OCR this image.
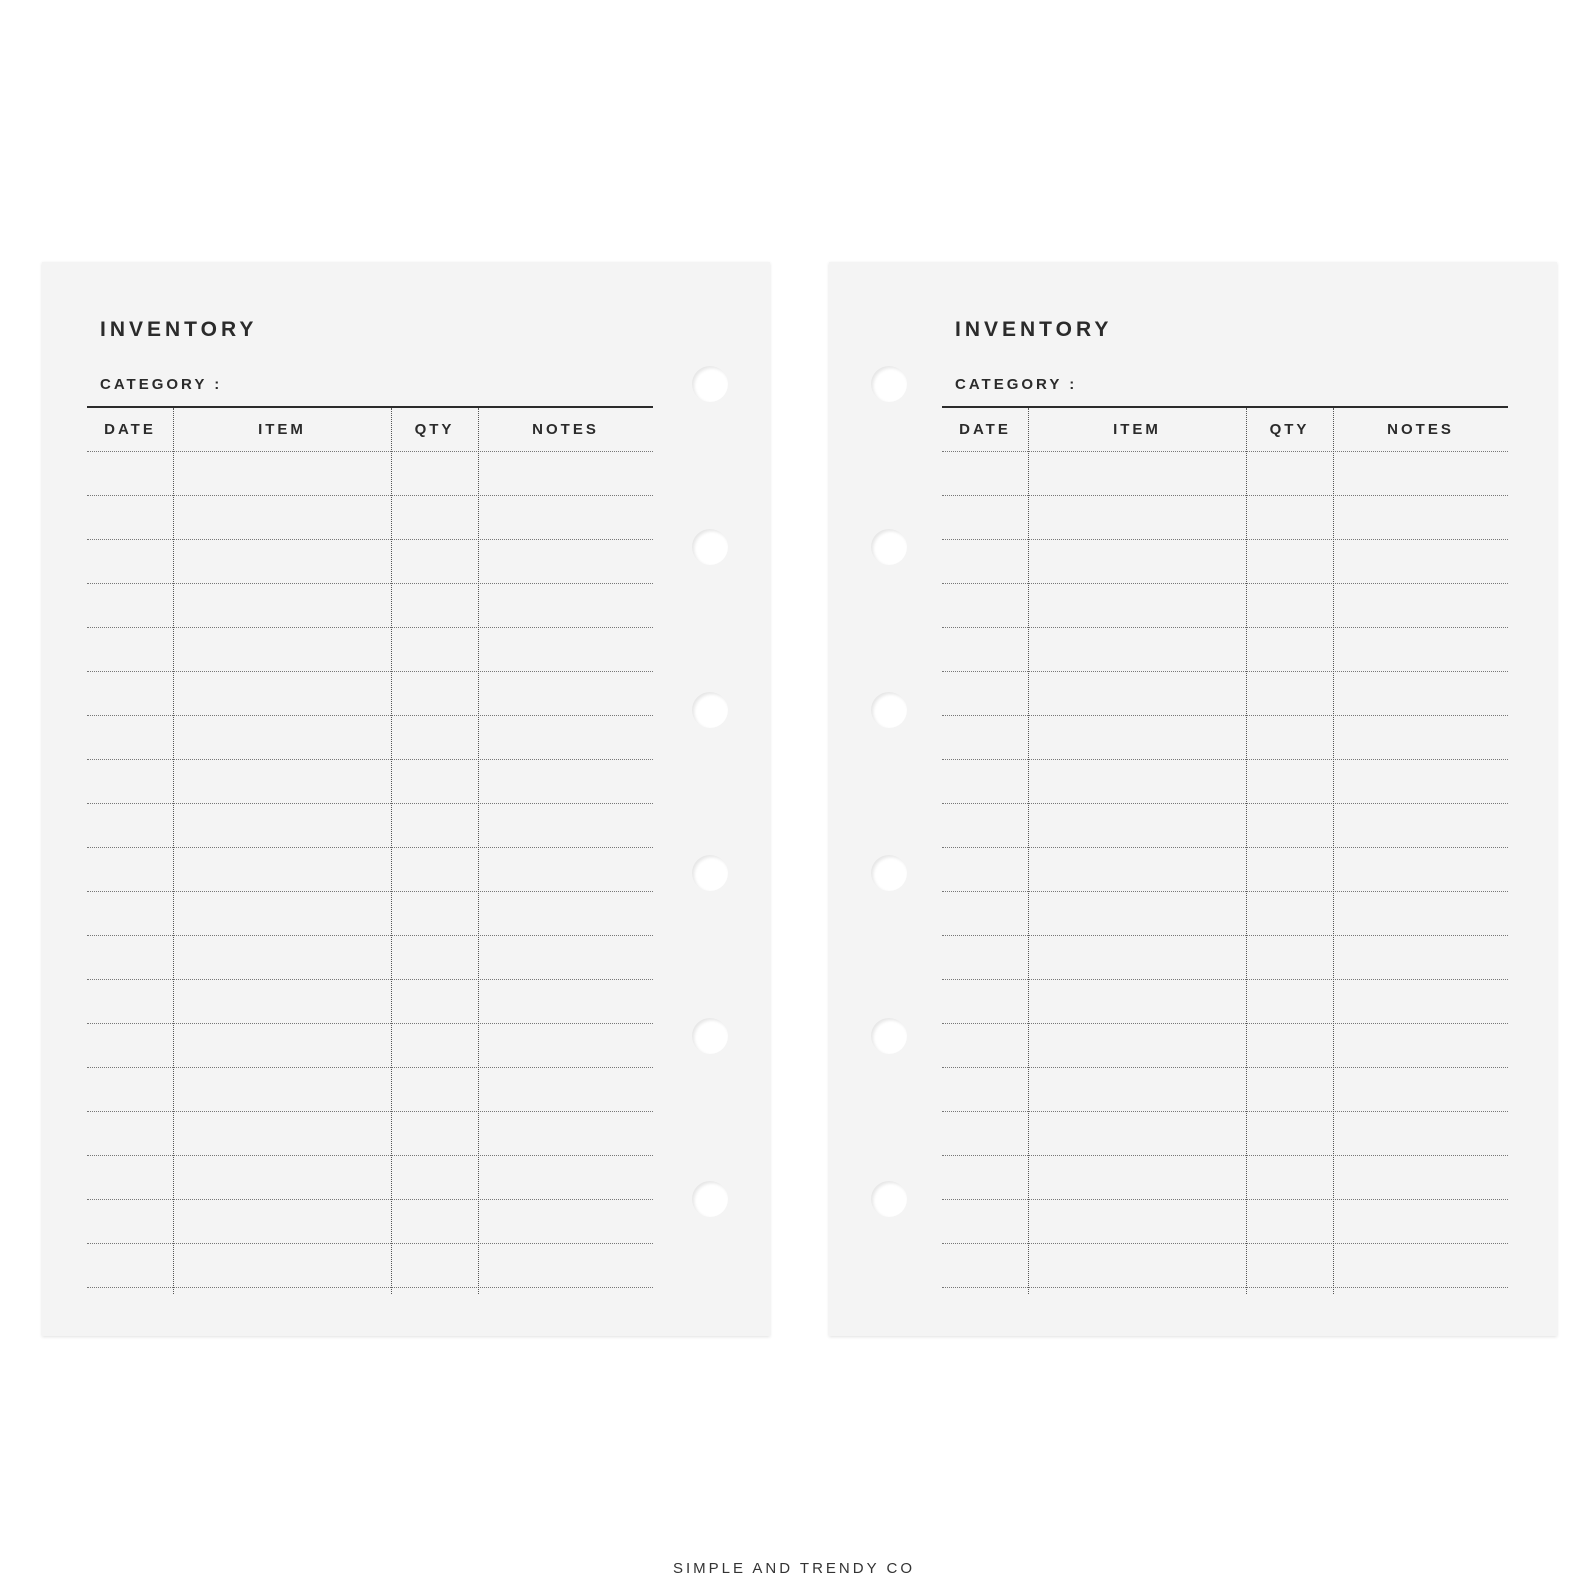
INVENTORY
CATEGORY :
DATE	ITEM	QTY	NOTES
INVENTORY
CATEGORY :
DATE	ITEM	QTY	NOTES
SIMPLE AND TRENDY CO
